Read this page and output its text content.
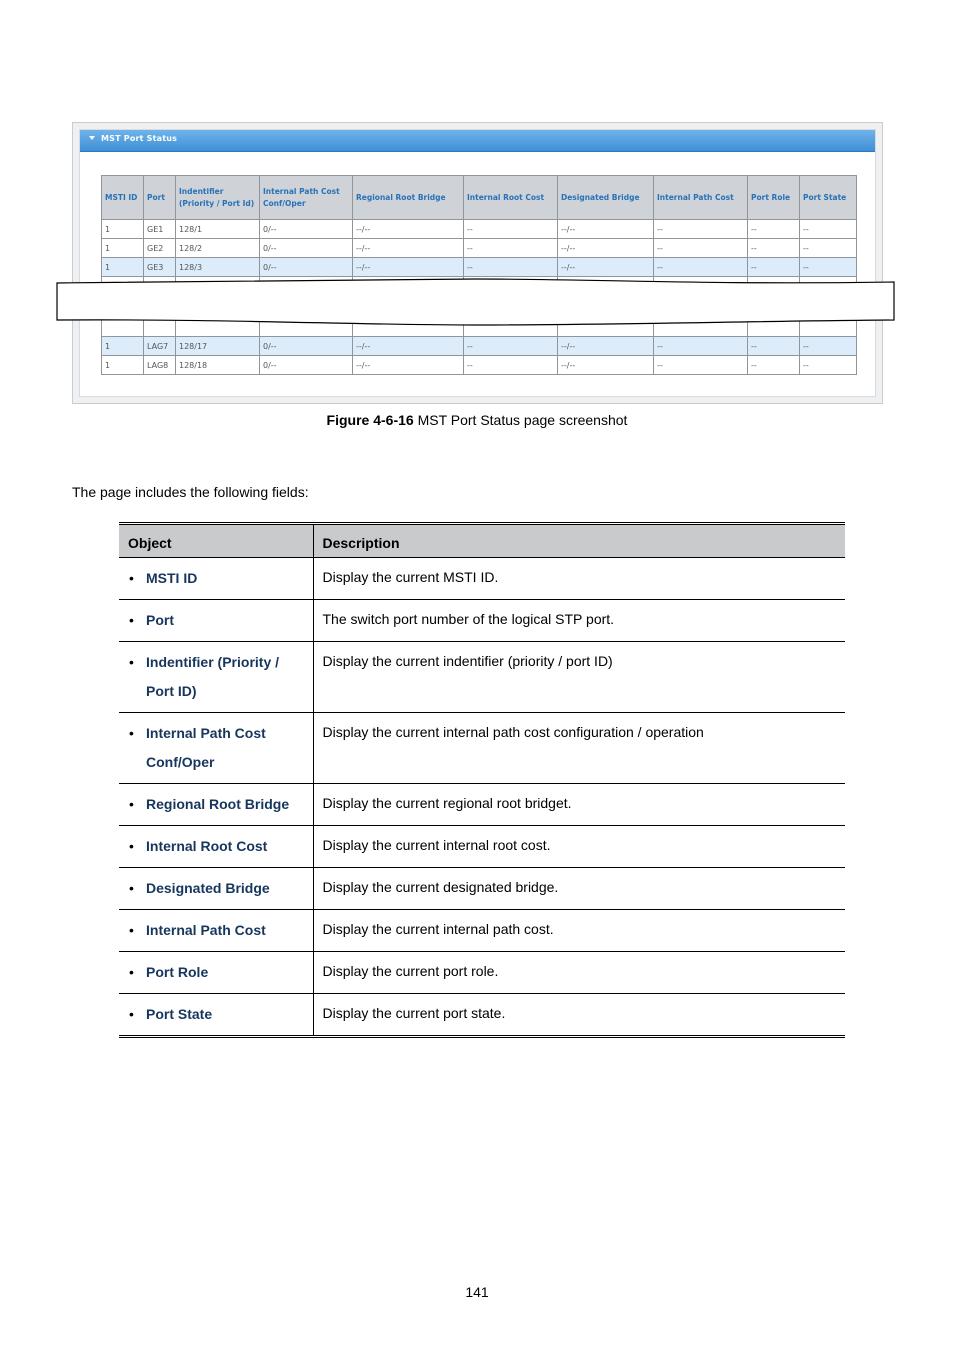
MST Port Status
MSTI ID	Port	Indentifier (Priority / Port Id)	Internal Path Cost Conf/Oper	Regional Root Bridge	Internal Root Cost	Designated Bridge	Internal Path Cost	Port Role	Port State
1	GE1	128/1	0/--	--/--	--	--/--	--	--	--
1	GE2	128/2	0/--	--/--	--	--/--	--	--	--
1	GE3	128/3	0/--	--/--	--	--/--	--	--	--

1	LAG7	128/17	0/--	--/--	--	--/--	--	--	--
1	LAG8	128/18	0/--	--/--	--	--/--	--	--	--
Figure 4-6-16 MST Port Status page screenshot
The page includes the following fields:
Object	Description
• MSTI ID	Display the current MSTI ID.
• Port	The switch port number of the logical STP port.
• Indentifier (Priority / Port ID)	Display the current indentifier (priority / port ID)
• Internal Path Cost Conf/Oper	Display the current internal path cost configuration / operation
• Regional Root Bridge	Display the current regional root bridget.
• Internal Root Cost	Display the current internal root cost.
• Designated Bridge	Display the current designated bridge.
• Internal Path Cost	Display the current internal path cost.
• Port Role	Display the current port role.
• Port State	Display the current port state.
141
